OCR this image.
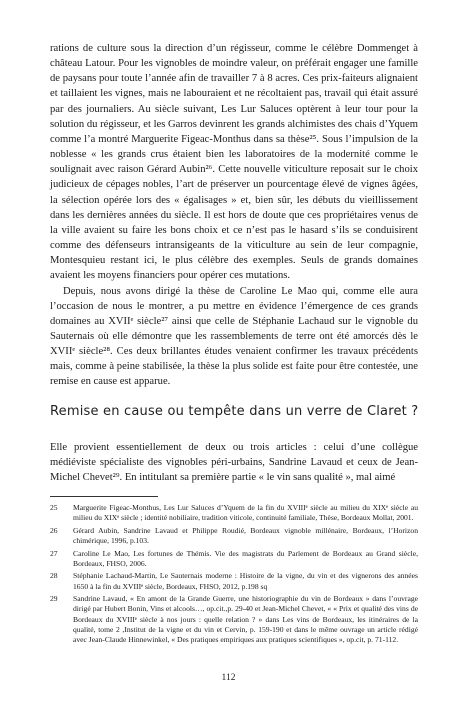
rations de culture sous la direction d’un régisseur, comme le célèbre Dommenget à château Latour. Pour les vignobles de moindre valeur, on préférait engager une famille de paysans pour toute l’année afin de travailler 7 à 8 acres. Ces prix-faiteurs alignaient et taillaient les vignes, mais ne labouraient et ne récoltaient pas, travail qui était assuré par des journaliers. Au siècle suivant, Les Lur Saluces optèrent à leur tour pour la solution du régisseur, et les Garros devinrent les grands alchimistes des chais d’Yquem comme l’a montré Marguerite Figeac-Monthus dans sa thèse²⁵. Sous l’impulsion de la noblesse « les grands crus étaient bien les laboratoires de la modernité comme le soulignait avec raison Gérard Aubin²⁶. Cette nouvelle viticulture reposait sur le choix judicieux de cépages nobles, l’art de préserver un pourcentage élevé de vignes âgées, la sélection opérée lors des « égalisages » et, bien sûr, les débuts du vieillissement dans les dernières années du siècle. Il est hors de doute que ces propriétaires venus de la ville avaient su faire les bons choix et ce n’est pas le hasard s’ils se conduisirent comme des défenseurs intransigeants de la viticulture au sein de leur compagnie, Montesquieu restant ici, le plus célèbre des exemples. Seuls de grands domaines avaient les moyens financiers pour opérer ces mutations.

Depuis, nous avons dirigé la thèse de Caroline Le Mao qui, comme elle aura l’occasion de nous le montrer, a pu mettre en évidence l’émergence de ces grands domaines au XVIIᵉ siècle²⁷ ainsi que celle de Stéphanie Lachaud sur le vignoble du Sauternais où elle démontre que les rassemblements de terre ont été amorcés dès le XVIIᵉ siècle²⁸. Ces deux brillantes études venaient confirmer les travaux précédents mais, comme à peine stabilisée, la thèse la plus solide est faite pour être contestée, une remise en cause est apparue.

Remise en cause ou tempête dans un verre de Claret ?

Elle provient essentiellement de deux ou trois articles : celui d’une collègue médiéviste spécialiste des vignobles péri-urbains, Sandrine Lavaud et ceux de Jean-Michel Chevet²⁹. En intitulant sa première partie « le vin sans qualité », mal aimé

25 Marguerite Figeac-Monthus, Les Lur Saluces d’Yquem de la fin du XVIIIᵉ siècle au milieu du XIXᵉ siècle au milieu du XIXᵉ siècle ; identité nobiliaire, tradition viticole, continuité familiale, Thèse, Bordeaux Mollat, 2001.
26 Gérard Aubin, Sandrine Lavaud et Philippe Roudié, Bordeaux vignoble millénaire, Bordeaux, l’Horizon chimérique, 1996, p.103.
27 Caroline Le Mao, Les fortunes de Thémis. Vie des magistrats du Parlement de Bordeaux au Grand siècle, Bordeaux, FHSO, 2006.
28 Stéphanie Lachaud-Martin, Le Sauternais moderne : Histoire de la vigne, du vin et des vignerons des années 1650 à la fin du XVIIIᵉ siècle, Bordeaux, FHSO, 2012, p.198 sq
29 Sandrine Lavaud, « En amont de la Grande Guerre, une historiographie du vin de Bordeaux » dans l’ouvrage dirigé par Hubert Bonin, Vins et alcools…, op.cit.,p. 29-40 et Jean-Michel Chevet, « « Prix et qualité des vins de Bordeaux du XVIIIᵉ siècle à nos jours : quelle relation ? » dans Les vins de Bordeaux, les itinéraires de la qualité, tome 2 ,Institut de la vigne et du vin et Cervin, p. 159-190 et dans le même ouvrage un article rédigé avec Jean-Claude Hinnewinkel, « Des pratiques empiriques aux pratiques scientifiques », op.cit, p. 71-112.
112
